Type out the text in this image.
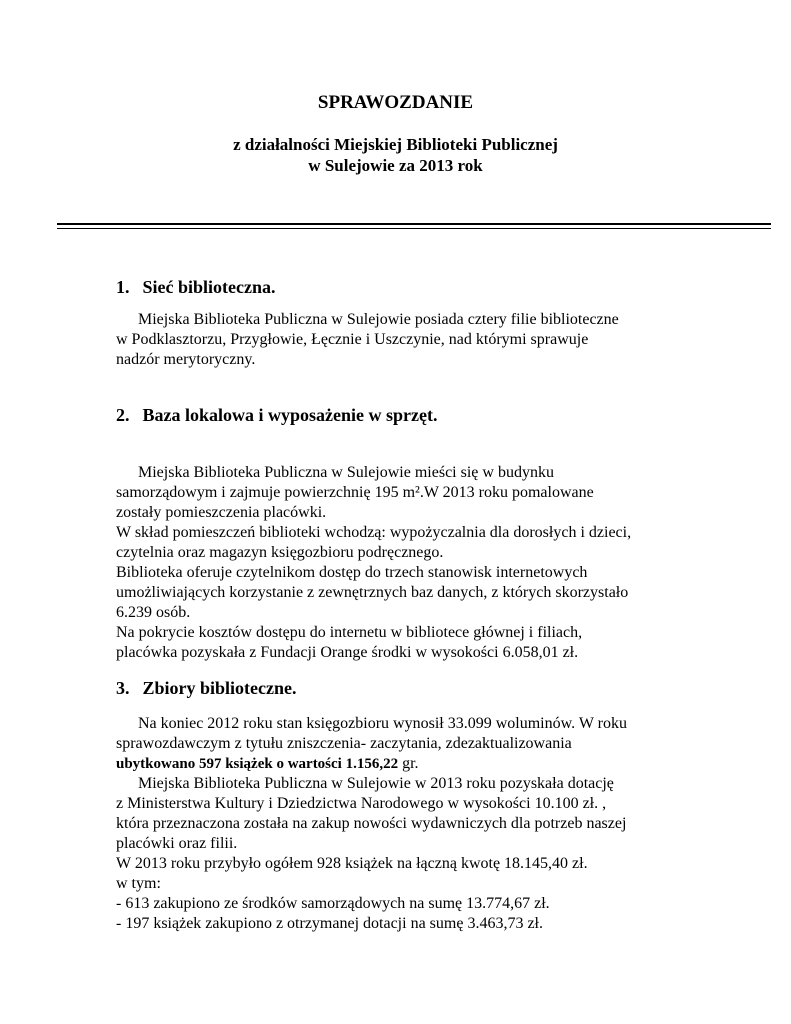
SPRAWOZDANIE
z działalności Miejskiej Biblioteki Publicznej
w Sulejowie za 2013 rok
1. Sieć biblioteczna.

Miejska Biblioteka Publiczna w Sulejowie posiada cztery filie biblioteczne
w Podklasztorzu, Przygłowie, Łęcznie i Uszczynie, nad którymi sprawuje
nadzór merytoryczny.

2. Baza lokalowa i wyposażenie w sprzęt.

Miejska Biblioteka Publiczna w Sulejowie mieści się w budynku
samorządowym i zajmuje powierzchnię 195 m².W 2013 roku pomalowane
zostały pomieszczenia placówki.
W skład pomieszczeń biblioteki wchodzą: wypożyczalnia dla dorosłych i dzieci,
czytelnia oraz magazyn księgozbioru podręcznego.
Biblioteka oferuje czytelnikom dostęp do trzech stanowisk internetowych
umożliwiających korzystanie z zewnętrznych baz danych, z których skorzystało
6.239 osób.
Na pokrycie kosztów dostępu do internetu w bibliotece głównej i filiach,
placówka pozyskała z Fundacji Orange środki w wysokości 6.058,01 zł.

3. Zbiory biblioteczne.

Na koniec 2012 roku stan księgozbioru wynosił 33.099 woluminów. W roku
sprawozdawczym z tytułu zniszczenia- zaczytania, zdezaktualizowania
ubytkowano 597 książek o wartości 1.156,22 gr.
Miejska Biblioteka Publiczna w Sulejowie w 2013 roku pozyskała dotację
z Ministerstwa Kultury i Dziedzictwa Narodowego w wysokości 10.100 zł. ,
która przeznaczona została na zakup nowości wydawniczych dla potrzeb naszej
placówki oraz filii.
W 2013 roku przybyło ogółem 928 książek na łączną kwotę 18.145,40 zł.
w tym:
- 613 zakupiono ze środków samorządowych na sumę 13.774,67 zł.
- 197 książek zakupiono z otrzymanej dotacji na sumę 3.463,73 zł.
